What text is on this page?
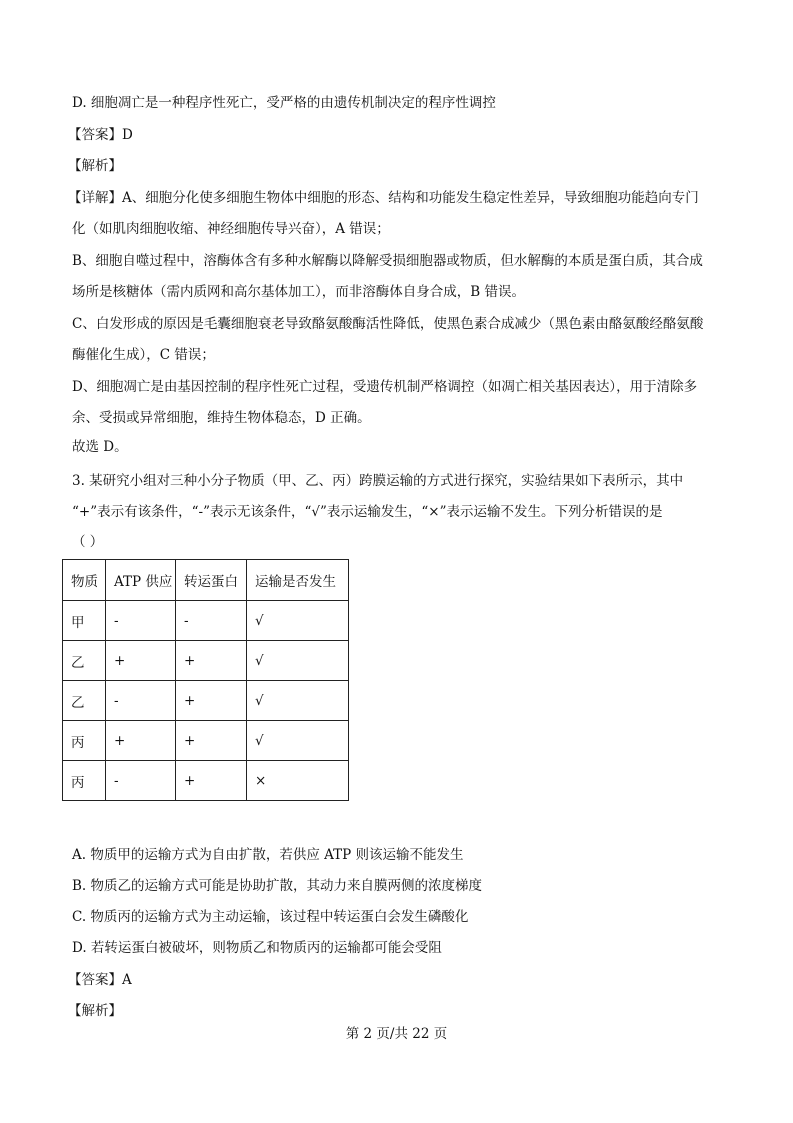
D. 细胞凋亡是一种程序性死亡，受严格的由遗传机制决定的程序性调控
【答案】D
【解析】
【详解】A、细胞分化使多细胞生物体中细胞的形态、结构和功能发生稳定性差异，导致细胞功能趋向专门
化（如肌肉细胞收缩、神经细胞传导兴奋），A 错误；
B、细胞自噬过程中，溶酶体含有多种水解酶以降解受损细胞器或物质，但水解酶的本质是蛋白质，其合成
场所是核糖体（需内质网和高尔基体加工），而非溶酶体自身合成，B 错误。
C、白发形成的原因是毛囊细胞衰老导致酪氨酸酶活性降低，使黑色素合成减少（黑色素由酪氨酸经酪氨酸
酶催化生成），C 错误；
D、细胞凋亡是由基因控制的程序性死亡过程，受遗传机制严格调控（如凋亡相关基因表达），用于清除多
余、受损或异常细胞，维持生物体稳态，D 正确。
故选 D。
3. 某研究小组对三种小分子物质（甲、乙、丙）跨膜运输的方式进行探究，实验结果如下表所示，其中
“+”表示有该条件，“-”表示无该条件，“√”表示运输发生，“×”表示运输不发生。下列分析错误的是
（ ）
物质	ATP 供应	转运蛋白	运输是否发生
甲	-	-	√
乙	+	+	√
乙	-	+	√
丙	+	+	√
丙	-	+	×
A. 物质甲的运输方式为自由扩散，若供应 ATP 则该运输不能发生
B. 物质乙的运输方式可能是协助扩散，其动力来自膜两侧的浓度梯度
C. 物质丙的运输方式为主动运输，该过程中转运蛋白会发生磷酸化
D. 若转运蛋白被破坏，则物质乙和物质丙的运输都可能会受阻
【答案】A
【解析】
第 2 页/共 22 页
